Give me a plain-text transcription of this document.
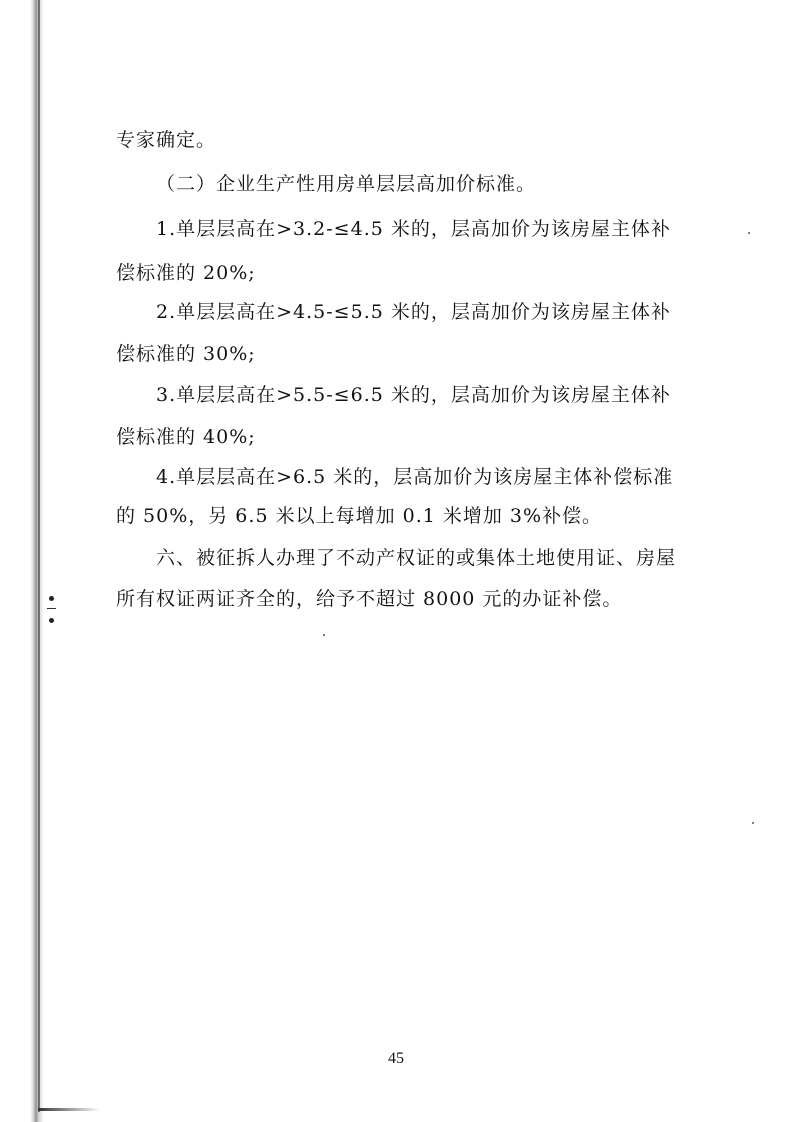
专家确定。
（二）企业生产性用房单层层高加价标准。
1.单层层高在>3.2-≤4.5 米的，层高加价为该房屋主体补
偿标准的 20%;
2.单层层高在>4.5-≤5.5 米的，层高加价为该房屋主体补
偿标准的 30%;
3.单层层高在>5.5-≤6.5 米的，层高加价为该房屋主体补
偿标准的 40%;
4.单层层高在>6.5 米的，层高加价为该房屋主体补偿标准
的 50%，另 6.5 米以上每增加 0.1 米增加 3%补偿。
六、被征拆人办理了不动产权证的或集体土地使用证、房屋
所有权证两证齐全的，给予不超过 8000 元的办证补偿。
45
